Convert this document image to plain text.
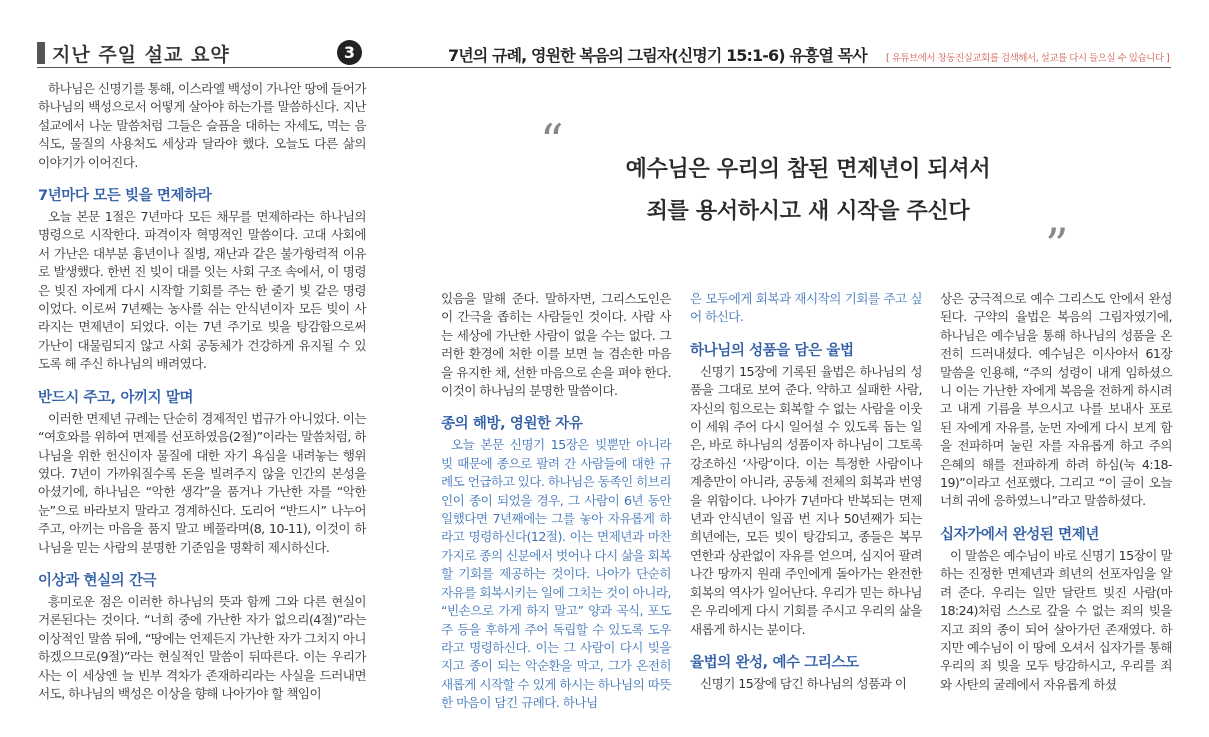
지난 주일 설교 요약	3	7년의 규례, 영원한 복음의 그림자(신명기 15:1-6) 유흥열 목사 [ 유튜브에서 창동진실교회를 검색해서, 설교를 다시 들으실 수 있습니다 ]
“
예수님은 우리의 참된 면제년이 되셔서
죄를 용서하시고 새 시작을 주신다
”

하나님은 신명기를 통해, 이스라엘 백성이 가나안 땅에 들어가 하나님의 백성으로서 어떻게 살아야 하는가를 말씀하신다. 지난 설교에서 나눈 말씀처럼 그들은 슬픔을 대하는 자세도, 먹는 음식도, 물질의 사용처도 세상과 달라야 했다. 오늘도 다른 삶의 이야기가 이어진다.

7년마다 모든 빚을 면제하라

오늘 본문 1절은 7년마다 모든 채무를 면제하라는 하나님의 명령으로 시작한다. 파격이자 혁명적인 말씀이다. 고대 사회에서 가난은 대부분 흉년이나 질병, 재난과 같은 불가항력적 이유로 발생했다. 한번 진 빚이 대를 잇는 사회 구조 속에서, 이 명령은 빚진 자에게 다시 시작할 기회를 주는 한 줄기 빛 같은 명령이었다. 이로써 7년째는 농사를 쉬는 안식년이자 모든 빚이 사라지는 면제년이 되었다. 이는 7년 주기로 빚을 탕감함으로써 가난이 대물림되지 않고 사회 공동체가 건강하게 유지될 수 있도록 해 주신 하나님의 배려였다.

반드시 주고, 아끼지 말며

이러한 면제년 규례는 단순히 경제적인 법규가 아니었다. 이는 “여호와를 위하여 면제를 선포하였음(2절)”이라는 말씀처럼, 하나님을 위한 헌신이자 물질에 대한 자기 욕심을 내려놓는 행위였다. 7년이 가까워질수록 돈을 빌려주지 않을 인간의 본성을 아셨기에, 하나님은 “악한 생각”을 품거나 가난한 자를 “악한 눈”으로 바라보지 말라고 경계하신다. 도리어 “반드시” 나누어 주고, 아끼는 마음을 품지 말고 베풀라며(8, 10-11), 이것이 하나님을 믿는 사람의 분명한 기준임을 명확히 제시하신다.

이상과 현실의 간극

흥미로운 점은 이러한 하나님의 뜻과 함께 그와 다른 현실이 거론된다는 것이다. “너희 중에 가난한 자가 없으리(4절)”라는 이상적인 말씀 뒤에, “땅에는 언제든지 가난한 자가 그치지 아니하겠으므로(9절)”라는 현실적인 말씀이 뒤따른다. 이는 우리가 사는 이 세상엔 늘 빈부 격차가 존재하리라는 사실을 드러내면서도, 하나님의 백성은 이상을 향해 나아가야 할 책임이

있음을 말해 준다. 말하자면, 그리스도인은 이 간극을 좁히는 사람들인 것이다. 사람 사는 세상에 가난한 사람이 없을 수는 없다. 그러한 환경에 처한 이를 보면 늘 겸손한 마음을 유지한 채, 선한 마음으로 손을 펴야 한다. 이것이 하나님의 분명한 말씀이다.

종의 해방, 영원한 자유

오늘 본문 신명기 15장은 빚뿐만 아니라 빚 때문에 종으로 팔려 간 사람들에 대한 규례도 언급하고 있다. 하나님은 동족인 히브리인이 종이 되었을 경우, 그 사람이 6년 동안 일했다면 7년째에는 그를 놓아 자유롭게 하라고 명령하신다(12절). 이는 면제년과 마찬가지로 종의 신분에서 벗어나 다시 삶을 회복할 기회를 제공하는 것이다. 나아가 단순히 자유를 회복시키는 일에 그치는 것이 아니라, “빈손으로 가게 하지 말고” 양과 곡식, 포도주 등을 후하게 주어 독립할 수 있도록 도우라고 명령하신다. 이는 그 사람이 다시 빚을 지고 종이 되는 악순환을 막고, 그가 온전히 새롭게 시작할 수 있게 하시는 하나님의 따뜻한 마음이 담긴 규례다. 하나님

은 모두에게 회복과 재시작의 기회를 주고 싶어 하신다.

하나님의 성품을 담은 율법

신명기 15장에 기록된 율법은 하나님의 성품을 그대로 보여 준다. 약하고 실패한 사람, 자신의 힘으로는 회복할 수 없는 사람을 이웃이 세워 주어 다시 일어설 수 있도록 돕는 일은, 바로 하나님의 성품이자 하나님이 그토록 강조하신 ‘사랑’이다. 이는 특정한 사람이나 계층만이 아니라, 공동체 전체의 회복과 번영을 위함이다. 나아가 7년마다 반복되는 면제년과 안식년이 일곱 번 지나 50년째가 되는 희년에는, 모든 빚이 탕감되고, 종들은 복무연한과 상관없이 자유를 얻으며, 심지어 팔려 나간 땅까지 원래 주인에게 돌아가는 완전한 회복의 역사가 일어난다. 우리가 믿는 하나님은 우리에게 다시 기회를 주시고 우리의 삶을 새롭게 하시는 분이다.

율법의 완성, 예수 그리스도

신명기 15장에 담긴 하나님의 성품과 이

상은 궁극적으로 예수 그리스도 안에서 완성된다. 구약의 율법은 복음의 그림자였기에, 하나님은 예수님을 통해 하나님의 성품을 온전히 드러내셨다. 예수님은 이사야서 61장 말씀을 인용해, “주의 성령이 내게 임하셨으니 이는 가난한 자에게 복음을 전하게 하시려고 내게 기름을 부으시고 나를 보내사 포로 된 자에게 자유를, 눈먼 자에게 다시 보게 함을 전파하며 눌린 자를 자유롭게 하고 주의 은혜의 해를 전파하게 하려 하심(눅 4:18-19)”이라고 선포했다. 그리고 “이 글이 오늘 너희 귀에 응하였느니”라고 말씀하셨다.

십자가에서 완성된 면제년

이 말씀은 예수님이 바로 신명기 15장이 말하는 진정한 면제년과 희년의 선포자임을 알려 준다. 우리는 일만 달란트 빚진 사람(마 18:24)처럼 스스로 갚을 수 없는 죄의 빚을 지고 죄의 종이 되어 살아가던 존재였다. 하지만 예수님이 이 땅에 오셔서 십자가를 통해 우리의 죄 빚을 모두 탕감하시고, 우리를 죄와 사탄의 굴레에서 자유롭게 하셨
